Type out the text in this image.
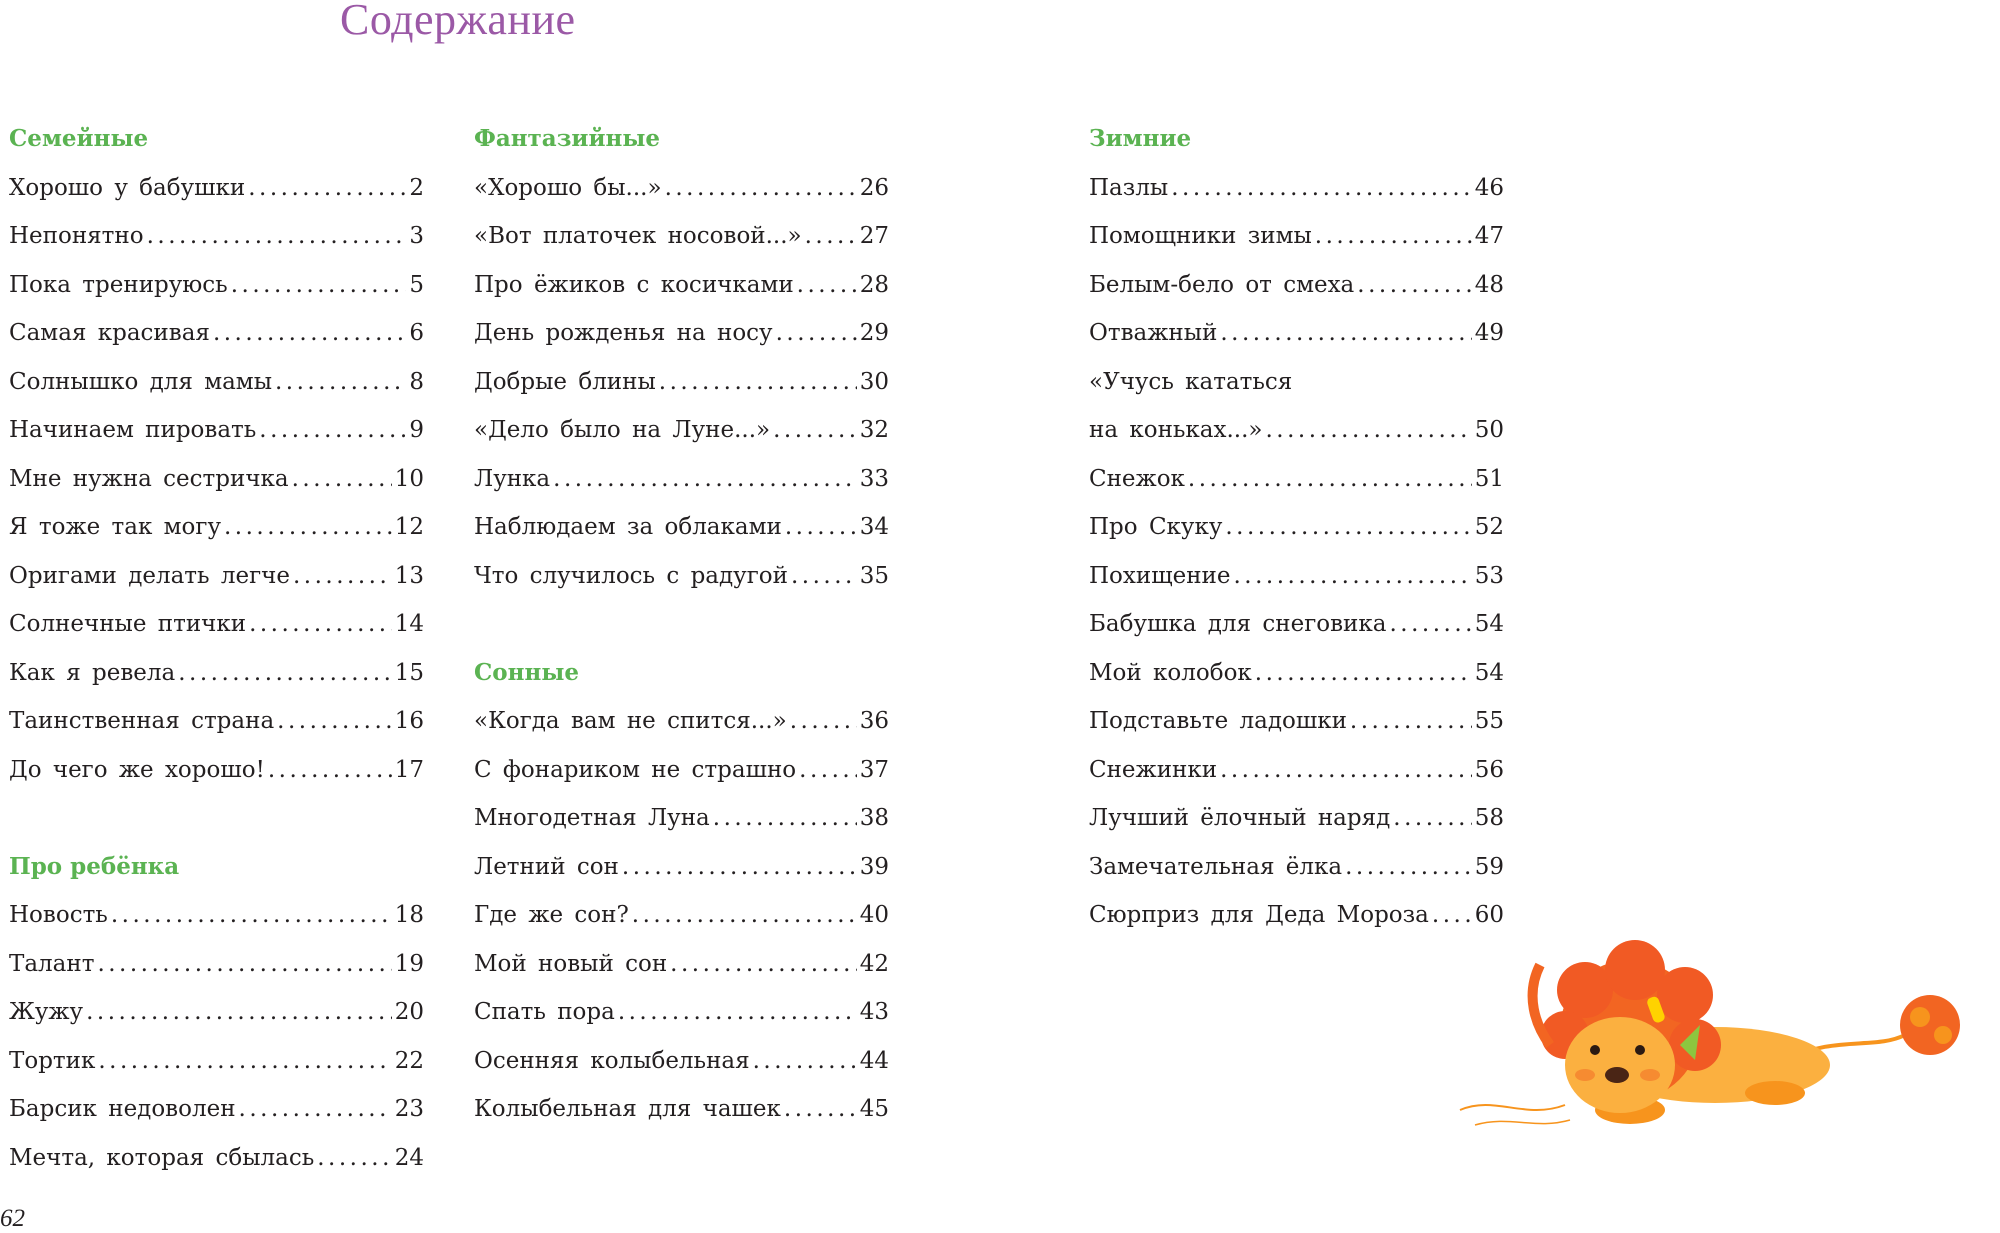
Содержание
Семейные
Хорошо у бабушки .....	2
Непонятно .....	3
Пока тренируюсь .....	5
Самая красивая .....	6
Солнышко для мамы .....	8
Начинаем пировать .....	9
Мне нужна сестричка .....	10
Я тоже так могу .....	12
Оригами делать легче .....	13
Солнечные птички .....	14
Как я ревела .....	15
Таинственная страна .....	16
До чего же хорошо! .....	17
Про ребёнка
Новость .....	18
Талант .....	19
Жужу .....	20
Тортик .....	22
Барсик недоволен .....	23
Мечта, которая сбылась .....	24
Фантазийные
«Хорошо бы...» .....	26
«Вот платочек носовой...» .....	27
Про ёжиков с косичками .....	28
День рожденья на носу .....	29
Добрые блины .....	30
«Дело было на Луне...» .....	32
Лунка .....	33
Наблюдаем за облаками .....	34
Что случилось с радугой .....	35
Сонные
«Когда вам не спится...» .....	36
С фонариком не страшно .....	37
Многодетная Луна .....	38
Летний сон .....	39
Где же сон? .....	40
Мой новый сон .....	42
Спать пора .....	43
Осенняя колыбельная .....	44
Колыбельная для чашек .....	45
Зимние
Пазлы .....	46
Помощники зимы .....	47
Белым-бело от смеха .....	48
Отважный .....	49
«Учусь кататься
на коньках...» .....	50
Снежок .....	51
Про Скуку .....	52
Похищение .....	53
Бабушка для снеговика .....	54
Мой колобок .....	54
Подставьте ладошки .....	55
Снежинки .....	56
Лучший ёлочный наряд .....	58
Замечательная ёлка .....	59
Сюрприз для Деда Мороза ..... 60
62
